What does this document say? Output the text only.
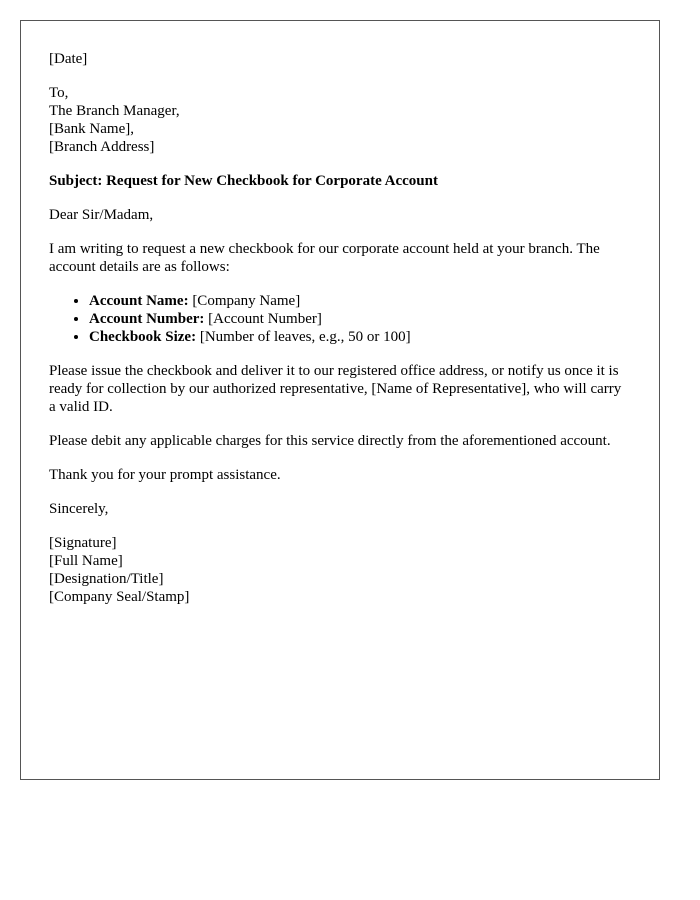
[Date]
To,
The Branch Manager,
[Bank Name],
[Branch Address]
Subject: Request for New Checkbook for Corporate Account
Dear Sir/Madam,
I am writing to request a new checkbook for our corporate account held at your branch. The account details are as follows:
• Account Name: [Company Name]
• Account Number: [Account Number]
• Checkbook Size: [Number of leaves, e.g., 50 or 100]
Please issue the checkbook and deliver it to our registered office address, or notify us once it is ready for collection by our authorized representative, [Name of Representative], who will carry a valid ID.
Please debit any applicable charges for this service directly from the aforementioned account.
Thank you for your prompt assistance.
Sincerely,
[Signature]
[Full Name]
[Designation/Title]
[Company Seal/Stamp]
